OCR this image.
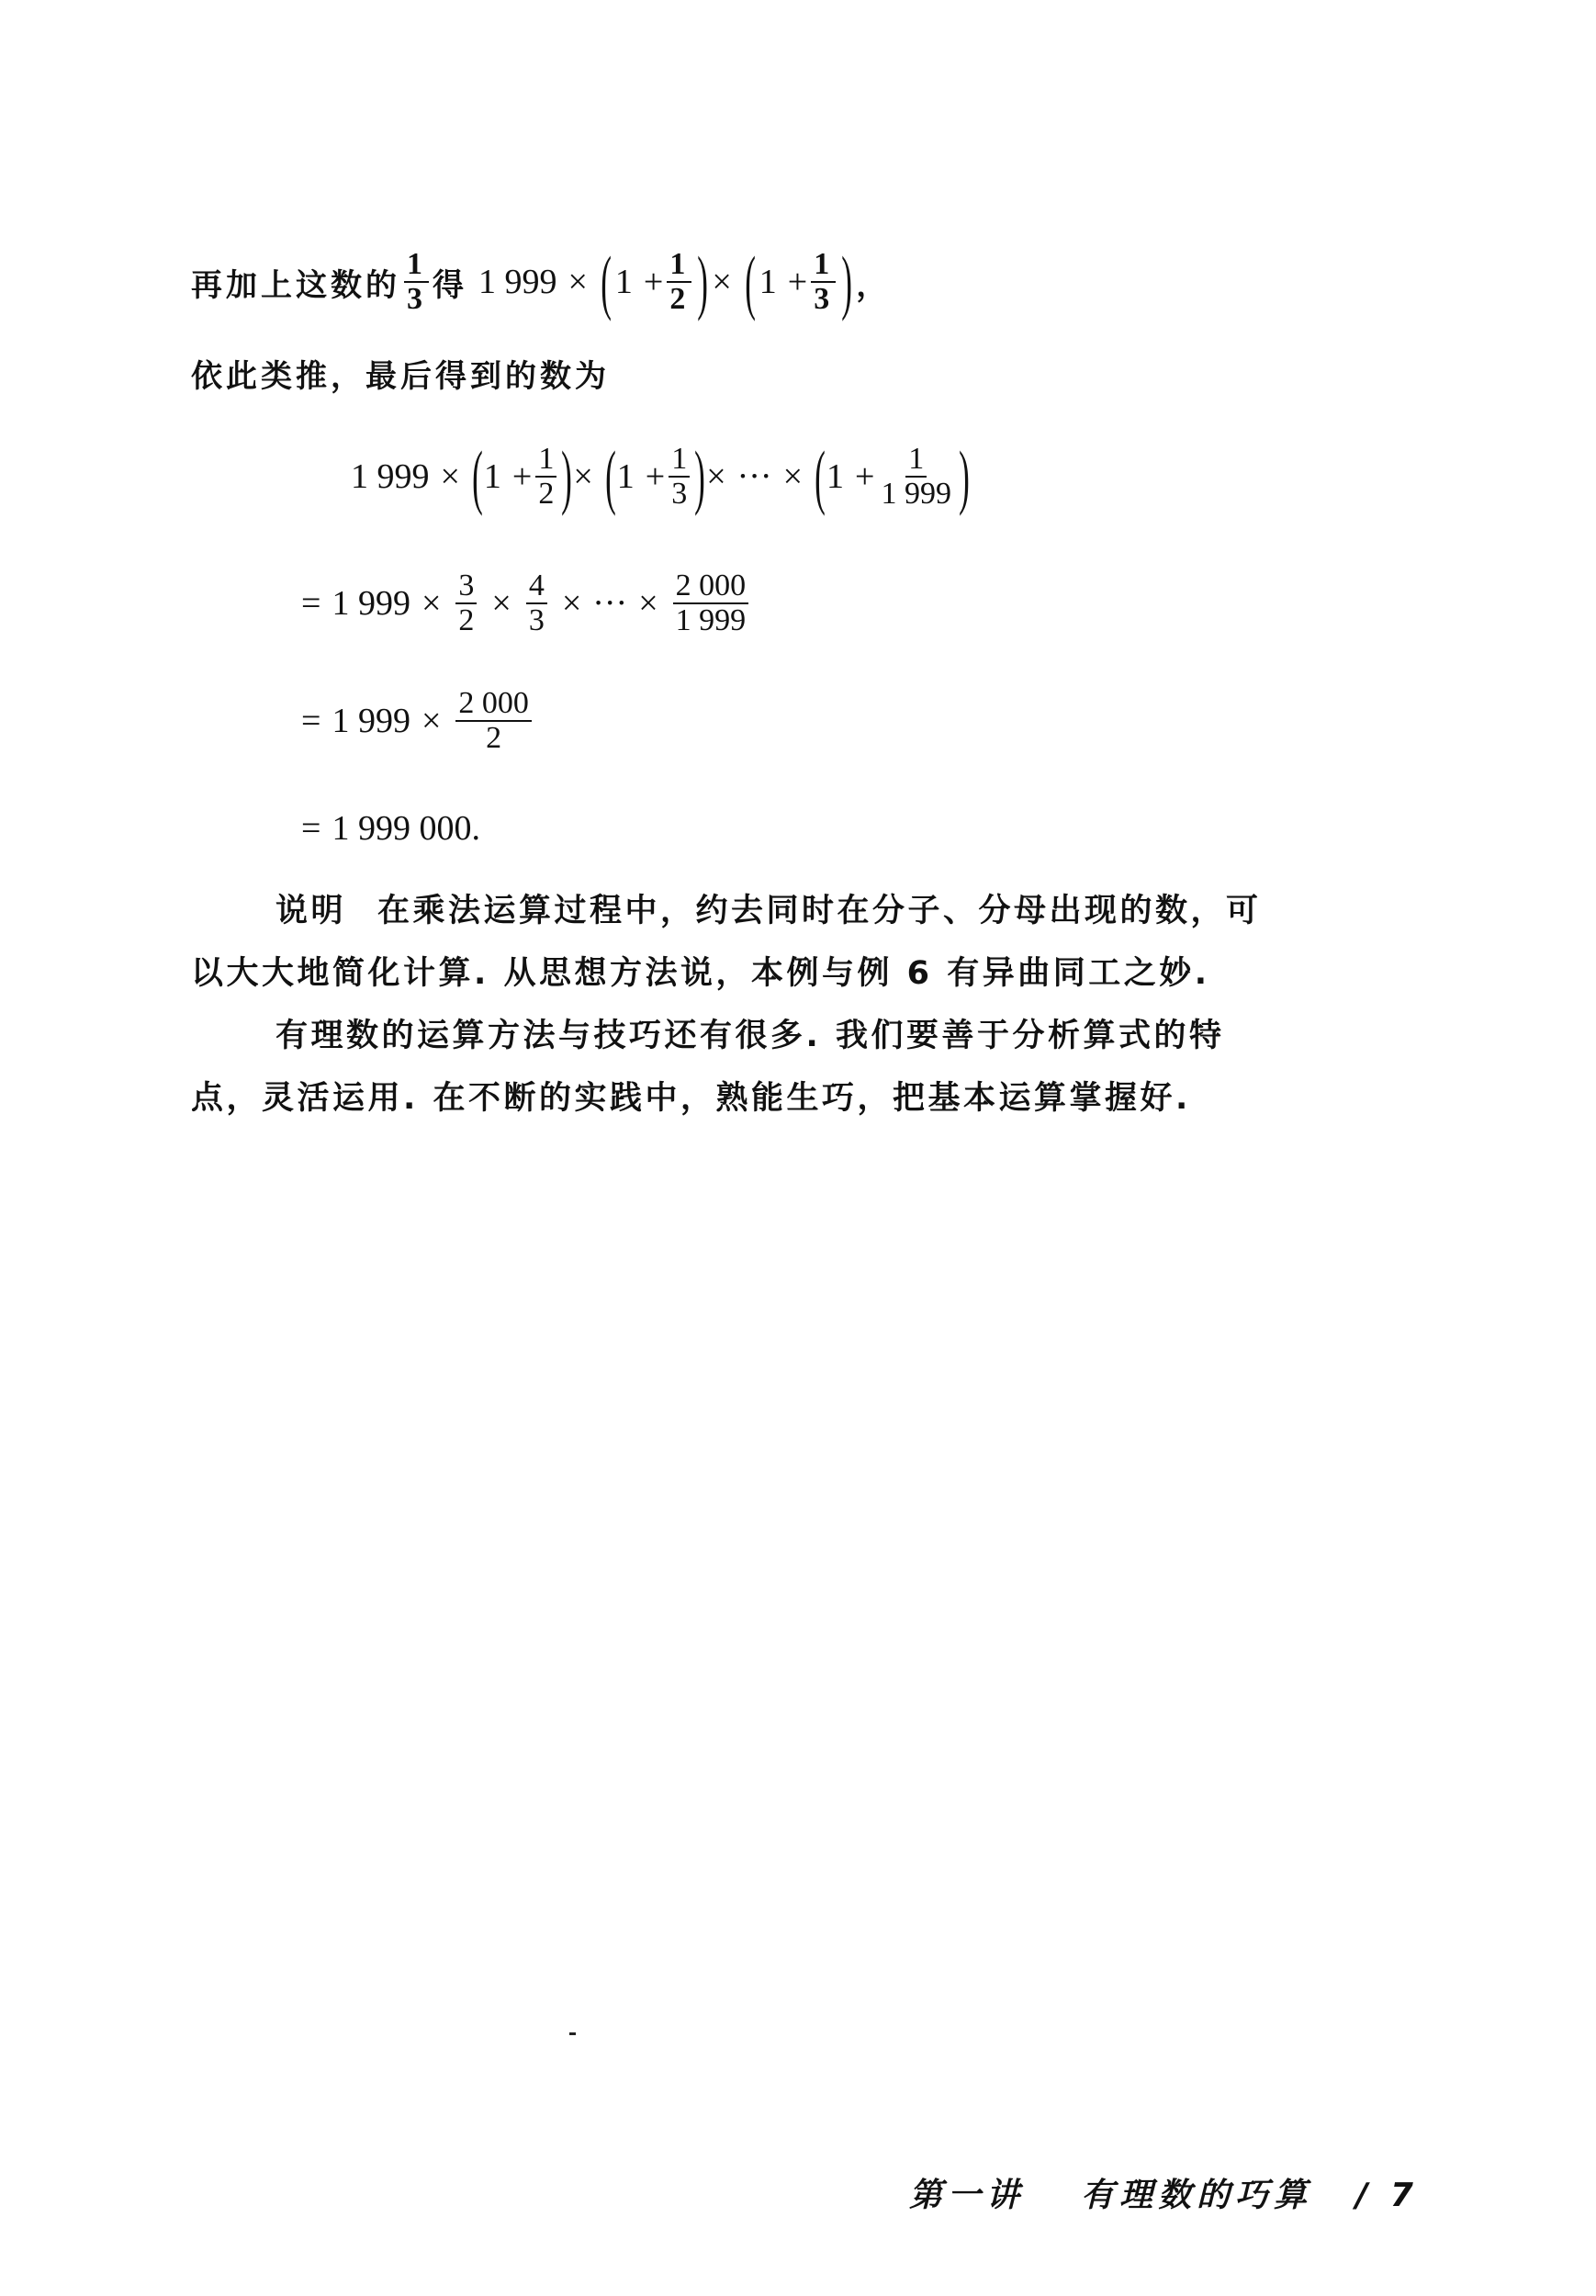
再加上这数的 $\frac{1}{3}$ 得 1 999 × ( $1 + \frac{1}{2}$ ) × ( $1 + \frac{1}{3}$ ) ，
依此类推，最后得到的数为
1 999 × ( $1 + \frac{1}{2}$ ) × ( $1 + \frac{1}{3}$ ) × ··· × ( $1 + \frac{1}{1 999}$ )
= 1 $999 \times \frac{3}{2} \times \frac{4}{3}$ × ··· × $\frac{2 000}{1 999}$
= 1 $999 \times \frac{2 000}{2}$
= 1 999 000.
说明 在乘法运算过程中，约去同时在分子、分母出现的数，可
以大大地简化计算. 从思想方法说，本例与例 6 有异曲同工之妙.
有理数的运算方法与技巧还有很多. 我们要善于分析算式的特
点，灵活运用. 在不断的实践中，熟能生巧，把基本运算掌握好.
第一讲 有理数的巧算 / 7
